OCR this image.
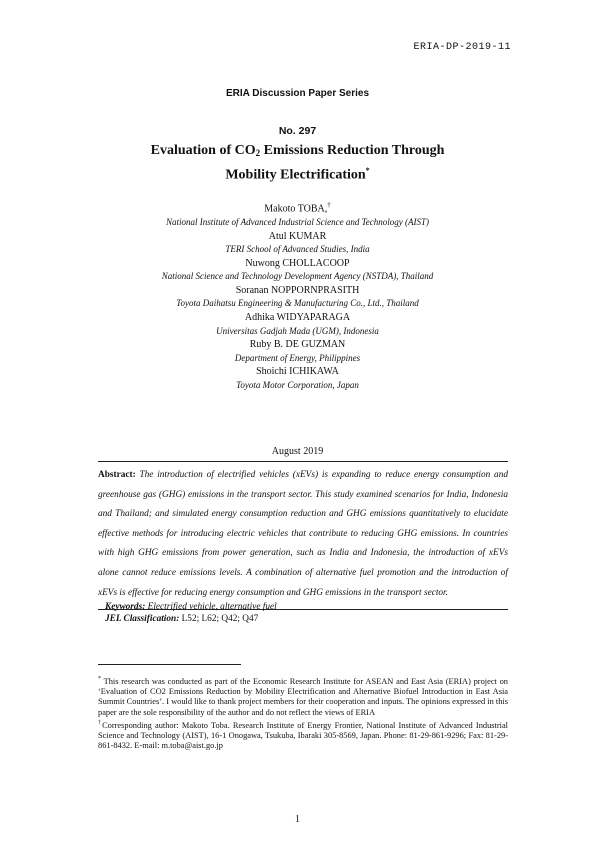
ERIA-DP-2019-11
ERIA Discussion Paper Series
No. 297
Evaluation of $CO_2$ Emissions Reduction Through
Mobility Electrification*
Makoto TOBA,†
National Institute of Advanced Industrial Science and Technology (AIST)
Atul KUMAR
TERI School of Advanced Studies, India
Nuwong CHOLLACOOP
National Science and Technology Development Agency (NSTDA), Thailand
Soranan NOPPORNPRASITH
Toyota Daihatsu Engineering & Manufacturing Co., Ltd., Thailand
Adhika WIDYAPARAGA
Universitas Gadjah Mada (UGM), Indonesia
Ruby B. DE GUZMAN
Department of Energy, Philippines
Shoichi ICHIKAWA
Toyota Motor Corporation, Japan
August 2019

Abstract: The introduction of electrified vehicles (xEVs) is expanding to reduce energy consumption and greenhouse gas (GHG) emissions in the transport sector. This study examined scenarios for India, Indonesia and Thailand; and simulated energy consumption reduction and GHG emissions quantitatively to elucidate effective methods for introducing electric vehicles that contribute to reducing GHG emissions. In countries with high GHG emissions from power generation, such as India and Indonesia, the introduction of xEVs alone cannot reduce emissions levels. A combination of alternative fuel promotion and the introduction of xEVs is effective for reducing energy consumption and GHG emissions in the transport sector.

Keywords: Electrified vehicle, alternative fuel
JEL Classification: L52; L62; Q42; Q47

* This research was conducted as part of the Economic Research Institute for ASEAN and East Asia (ERIA) project on ‘Evaluation of CO2 Emissions Reduction by Mobility Electrification and Alternative Biofuel Introduction in East Asia Summit Countries’. I would like to thank project members for their cooperation and inputs. The opinions expressed in this paper are the sole responsibility of the author and do not reflect the views of ERIA

†Corresponding author: Makoto Toba. Research Institute of Energy Frontier, National Institute of Advanced Industrial Science and Technology (AIST), 16-1 Onogawa, Tsukuba, Ibaraki 305-8569, Japan. Phone: 81-29-861-9296; Fax: 81-29-861-8432. E-mail: m.toba@aist.go.jp

1
